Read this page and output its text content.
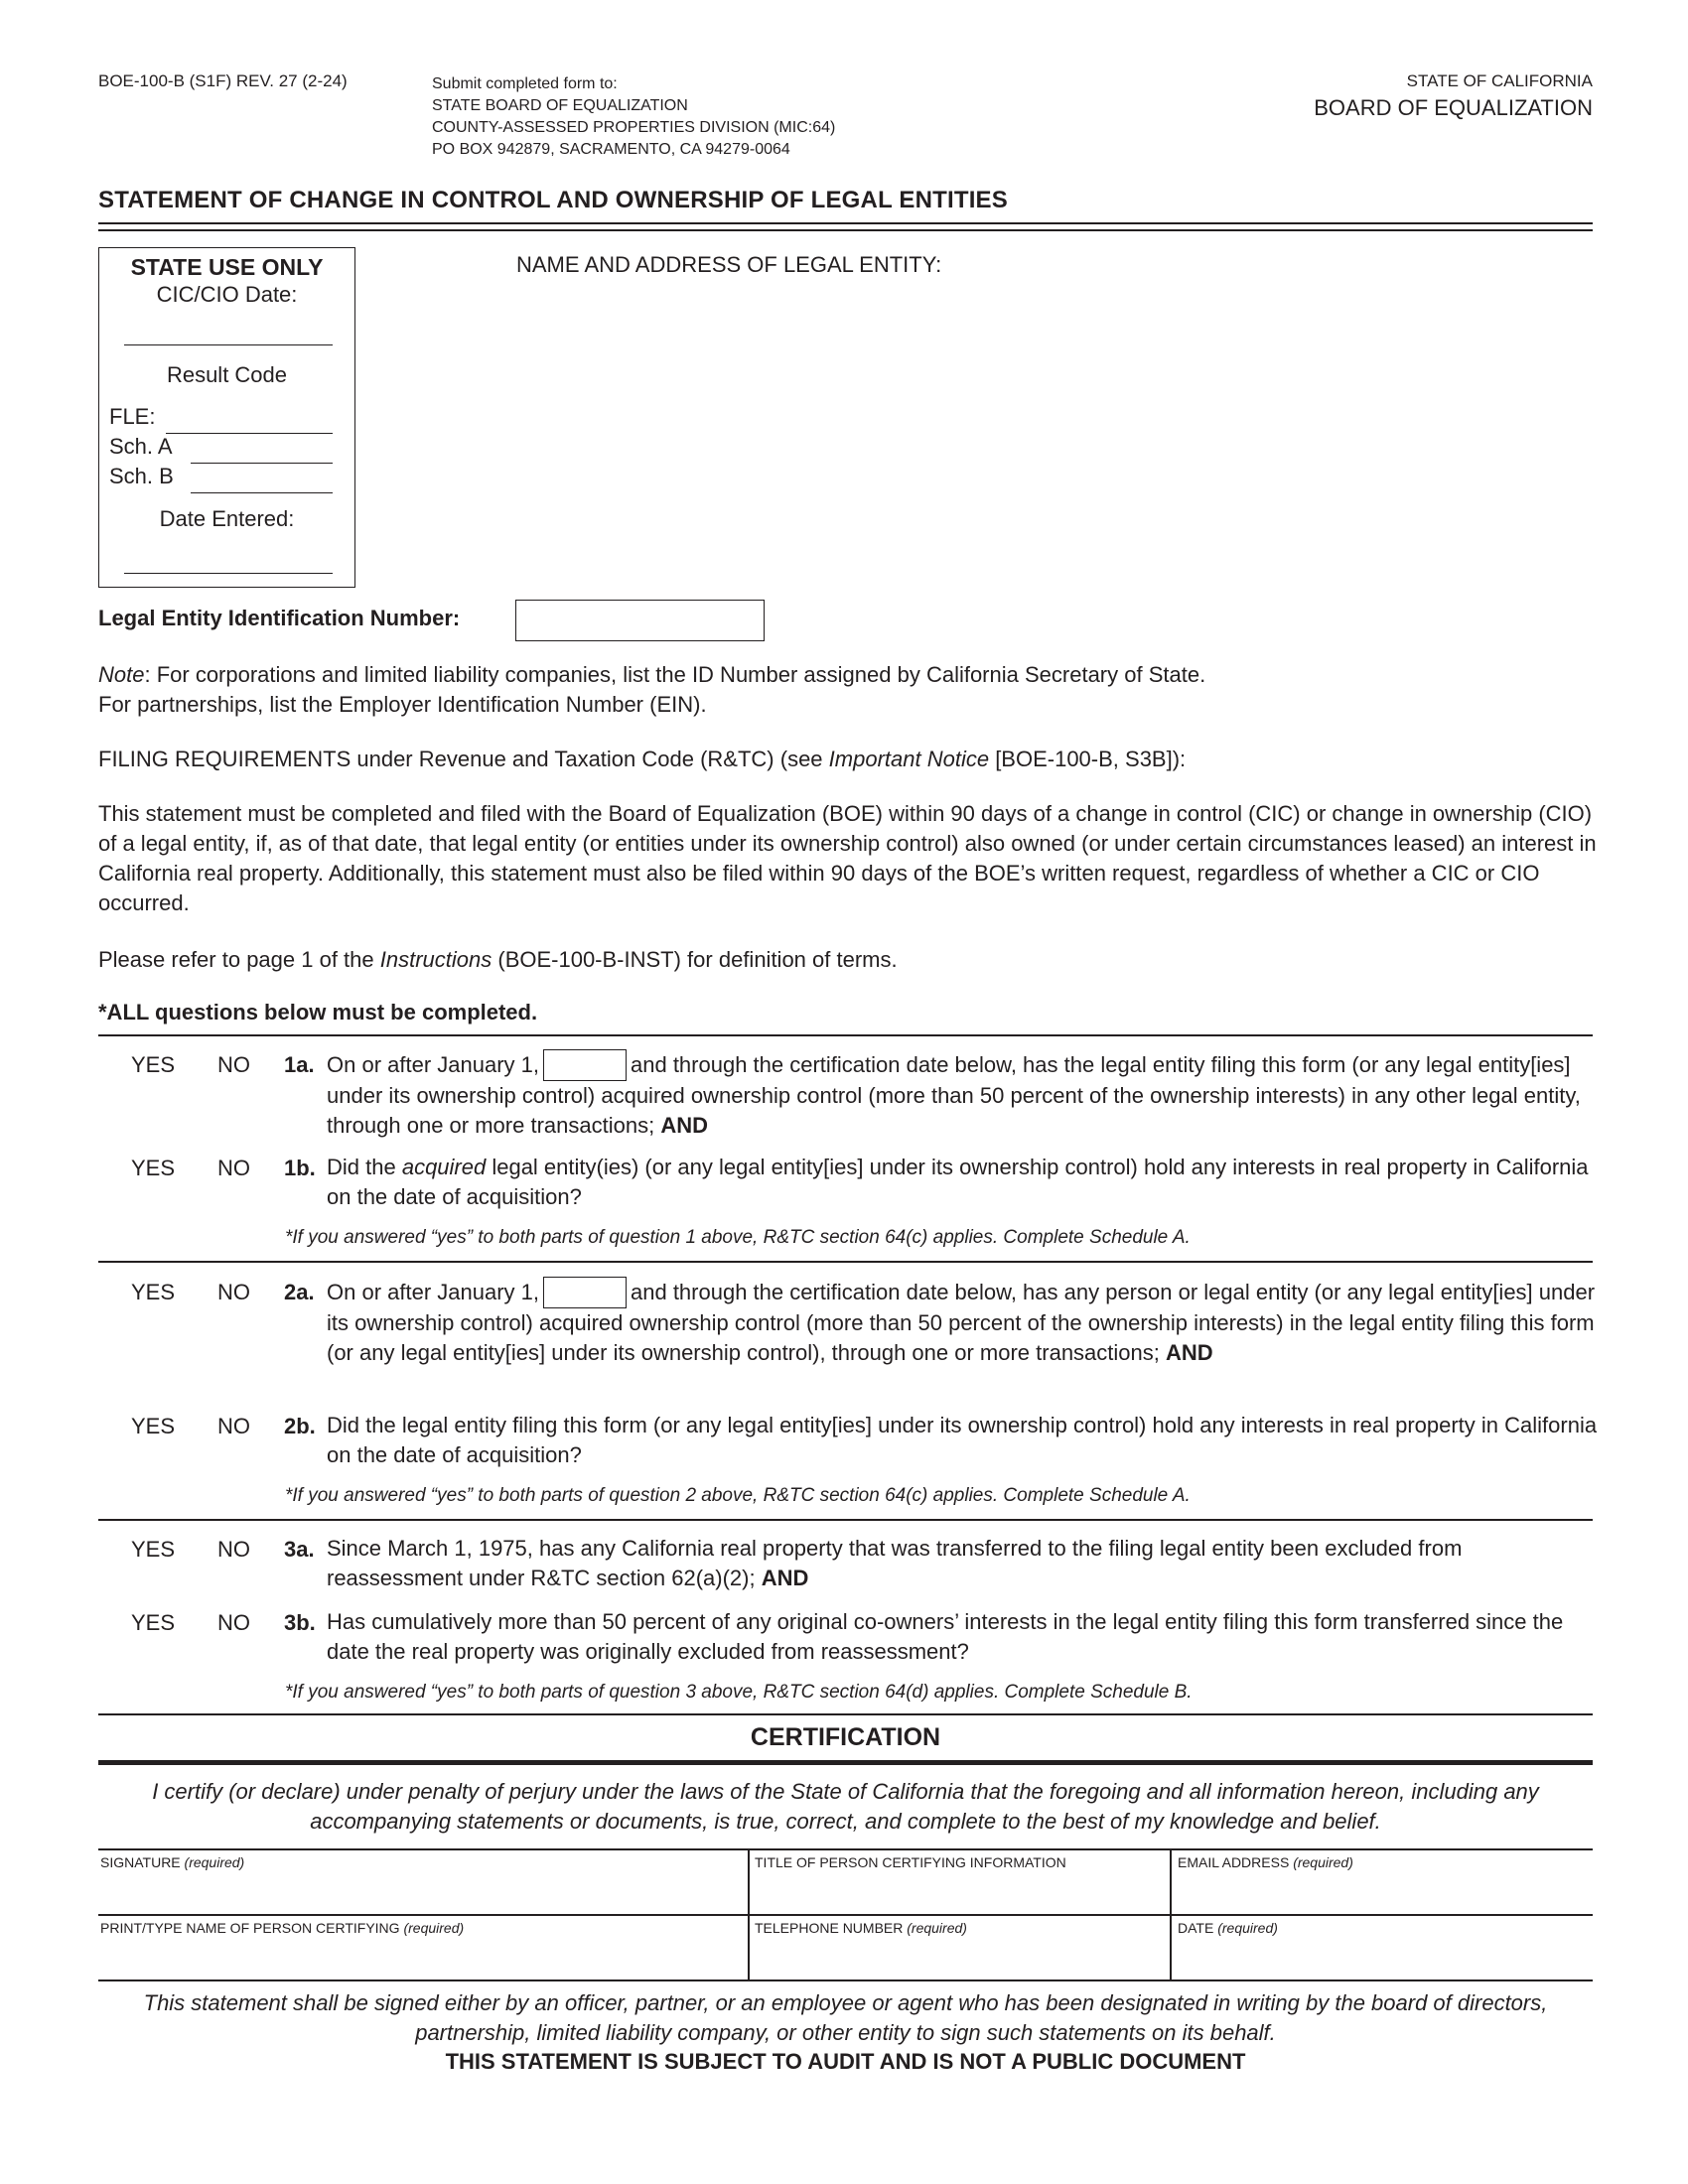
BOE-100-B (S1F) REV. 27 (2-24)	Submit completed form to:
STATE BOARD OF EQUALIZATION
COUNTY-ASSESSED PROPERTIES DIVISION (MIC:64)
PO BOX 942879, SACRAMENTO, CA 94279-0064
STATE OF CALIFORNIA
BOARD OF EQUALIZATION
STATEMENT OF CHANGE IN CONTROL AND OWNERSHIP OF LEGAL ENTITIES
STATE USE ONLY
CIC/CIO Date:
Result Code
FLE:
Sch. A
Sch. B
Date Entered:
NAME AND ADDRESS OF LEGAL ENTITY:
Legal Entity Identification Number:
Note: For corporations and limited liability companies, list the ID Number assigned by California Secretary of State.
For partnerships, list the Employer Identification Number (EIN).
FILING REQUIREMENTS under Revenue and Taxation Code (R&TC) (see Important Notice [BOE-100-B, S3B]):
This statement must be completed and filed with the Board of Equalization (BOE) within 90 days of a change in control (CIC) or change in ownership (CIO) of a legal entity, if, as of that date, that legal entity (or entities under its ownership control) also owned (or under certain circumstances leased) an interest in California real property. Additionally, this statement must also be filed within 90 days of the BOE’s written request, regardless of whether a CIC or CIO occurred.
Please refer to page 1 of the Instructions (BOE-100-B-INST) for definition of terms.
*ALL questions below must be completed.
YES NO 1a. On or after January 1,	and through the certification date below, has the legal entity filing this form (or any legal entity[ies] under its ownership control) acquired ownership control (more than 50 percent of the ownership interests) in any other legal entity, through one or more transactions; AND
YES NO 1b. Did the acquired legal entity(ies) (or any legal entity[ies] under its ownership control) hold any interests in real property in California on the date of acquisition?
*If you answered “yes” to both parts of question 1 above, R&TC section 64(c) applies. Complete Schedule A.
YES NO 2a. On or after January 1,	and through the certification date below, has any person or legal entity (or any legal entity[ies] under its ownership control) acquired ownership control (more than 50 percent of the ownership interests) in the legal entity filing this form (or any legal entity[ies] under its ownership control), through one or more transactions; AND
YES NO 2b. Did the legal entity filing this form (or any legal entity[ies] under its ownership control) hold any interests in real property in California on the date of acquisition?
*If you answered “yes” to both parts of question 2 above, R&TC section 64(c) applies. Complete Schedule A.
YES NO 3a. Since March 1, 1975, has any California real property that was transferred to the filing legal entity been excluded from reassessment under R&TC section 62(a)(2); AND
YES NO 3b. Has cumulatively more than 50 percent of any original co-owners’ interests in the legal entity filing this form transferred since the date the real property was originally excluded from reassessment?
*If you answered “yes” to both parts of question 3 above, R&TC section 64(d) applies. Complete Schedule B.
CERTIFICATION
I certify (or declare) under penalty of perjury under the laws of the State of California that the foregoing and all information hereon, including any accompanying statements or documents, is true, correct, and complete to the best of my knowledge and belief.
SIGNATURE (required)	TITLE OF PERSON CERTIFYING INFORMATION	EMAIL ADDRESS (required)
PRINT/TYPE NAME OF PERSON CERTIFYING (required)	TELEPHONE NUMBER (required)	DATE (required)
This statement shall be signed either by an officer, partner, or an employee or agent who has been designated in writing by the board of directors, partnership, limited liability company, or other entity to sign such statements on its behalf.
THIS STATEMENT IS SUBJECT TO AUDIT AND IS NOT A PUBLIC DOCUMENT
